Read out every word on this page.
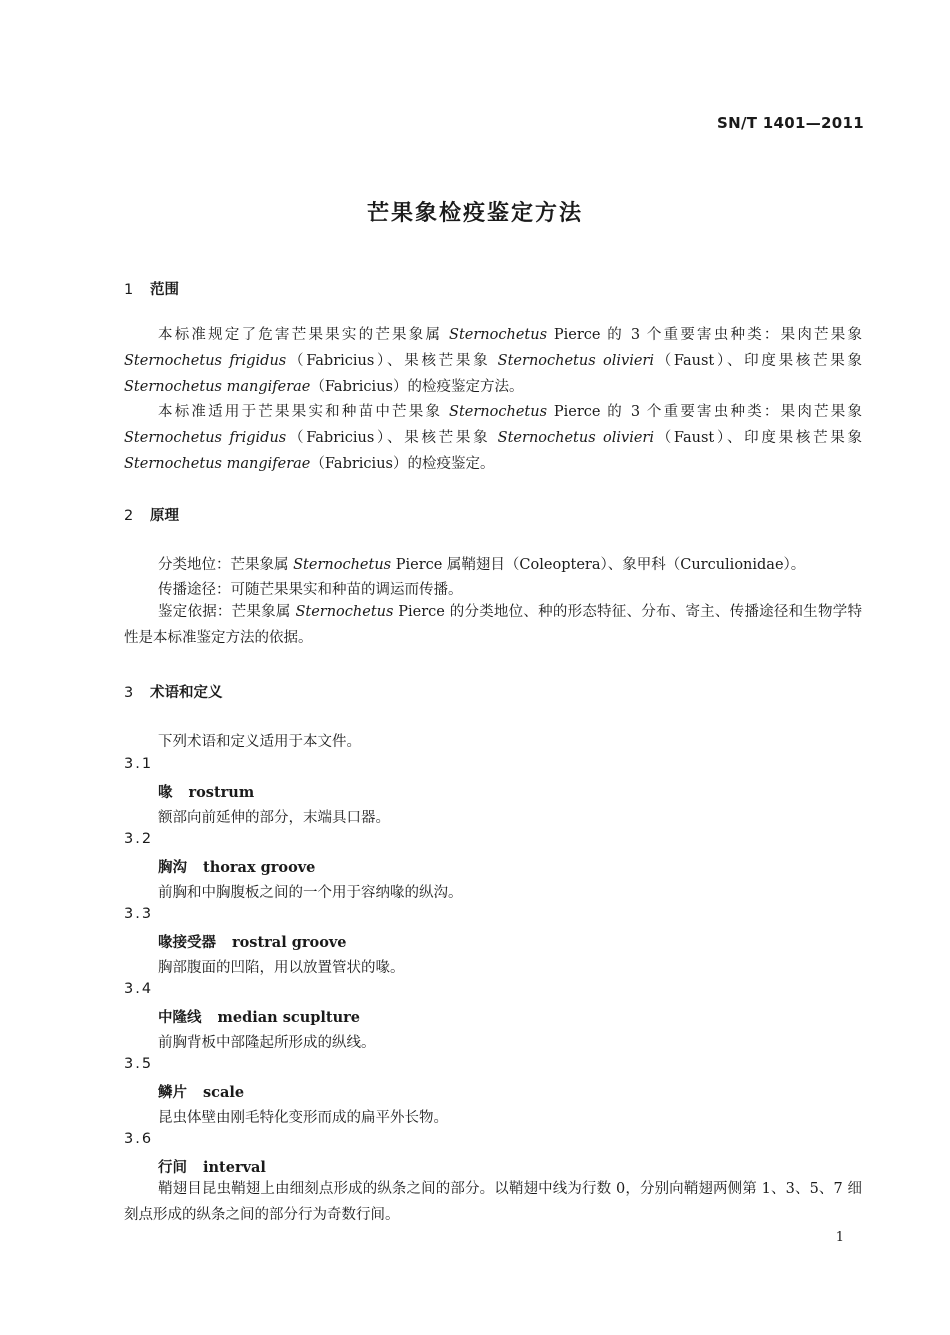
SN/T 1401—2011
芒果象检疫鉴定方法
1 范围

本标准规定了危害芒果果实的芒果象属 Sternochetus Pierce 的 3 个重要害虫种类：果肉芒果象 Sternochetus frigidus（Fabricius）、果核芒果象 Sternochetus olivieri（Faust）、印度果核芒果象 Sternochetus mangiferae（Fabricius）的检疫鉴定方法。

本标准适用于芒果果实和种苗中芒果象 Sternochetus Pierce 的 3 个重要害虫种类：果肉芒果象 Sternochetus frigidus（Fabricius）、果核芒果象 Sternochetus olivieri（Faust）、印度果核芒果象 Sternochetus mangiferae（Fabricius）的检疫鉴定。

2 原理

分类地位：芒果象属 Sternochetus Pierce 属鞘翅目（Coleoptera）、象甲科（Curculionidae）。

传播途径：可随芒果果实和种苗的调运而传播。

鉴定依据：芒果象属 Sternochetus Pierce 的分类地位、种的形态特征、分布、寄主、传播途径和生物学特性是本标准鉴定方法的依据。

3 术语和定义

下列术语和定义适用于本文件。

3.1
喙 rostrum
额部向前延伸的部分，末端具口器。
3.2
胸沟 thorax groove
前胸和中胸腹板之间的一个用于容纳喙的纵沟。
3.3
喙接受器 rostral groove
胸部腹面的凹陷，用以放置管状的喙。
3.4
中隆线 median scuplture
前胸背板中部隆起所形成的纵线。
3.5
鳞片 scale
昆虫体壁由刚毛特化变形而成的扁平外长物。
3.6
行间 interval

鞘翅目昆虫鞘翅上由细刻点形成的纵条之间的部分。以鞘翅中线为行数 0，分别向鞘翅两侧第 1、3、5、7 细刻点形成的纵条之间的部分行为奇数行间。

1
